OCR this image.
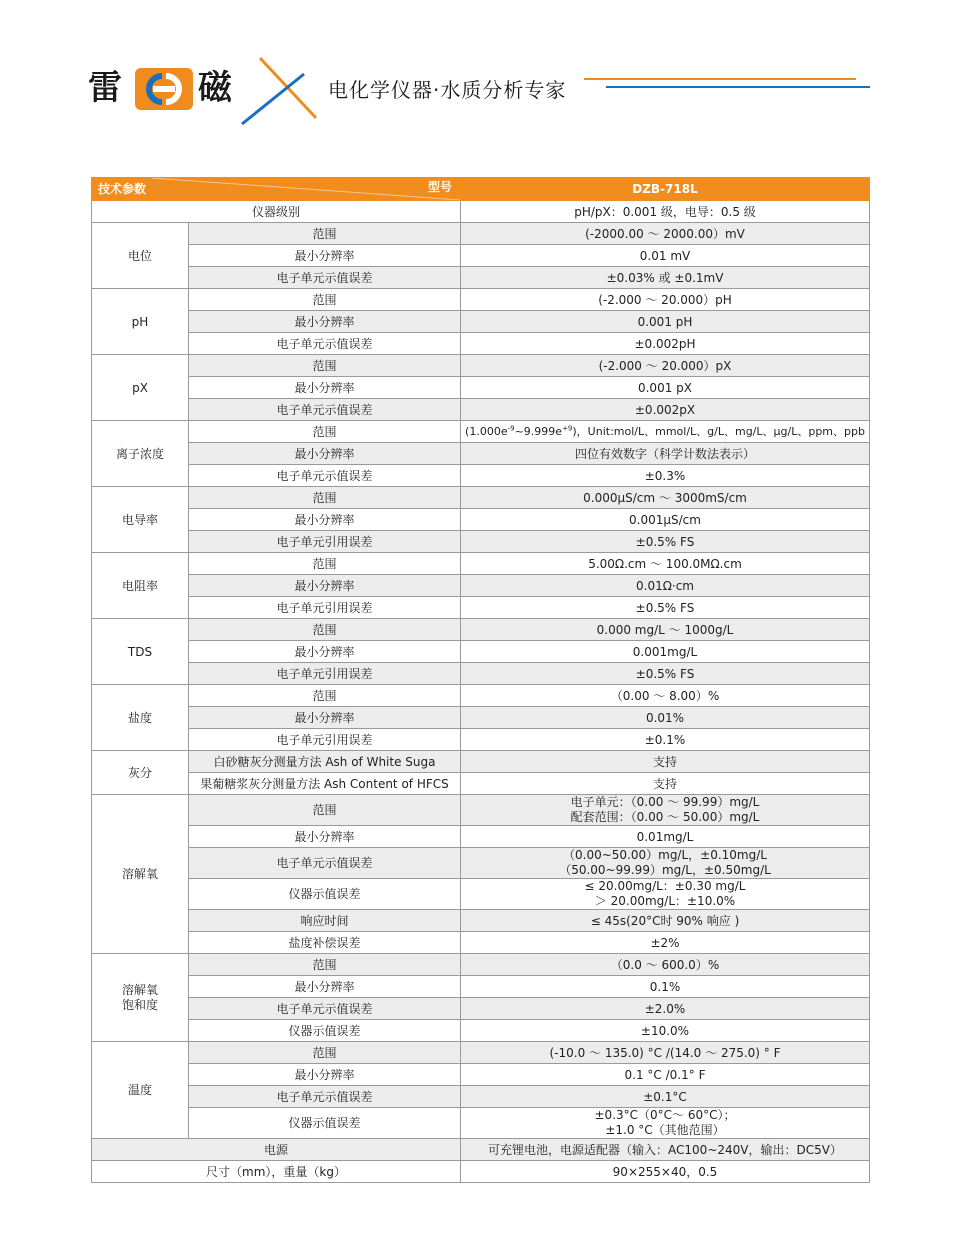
雷 磁	电化学仪器·水质分析专家
技术参数 型号		DZB-718L
仪器级别		pH/pX：0.001 级，电导：0.5 级
电位	范围	(-2000.00 ～ 2000.00）mV
	最小分辨率	0.01 mV
	电子单元示值误差	±0.03% 或 ±0.1mV
pH	范围	(-2.000 ～ 20.000）pH
	最小分辨率	0.001 pH
	电子单元示值误差	±0.002pH
pX	范围	(-2.000 ～ 20.000）pX
	最小分辨率	0.001 pX
	电子单元示值误差	±0.002pX
离子浓度	范围	$(1.000e^{-9}\sim 9.999e^{+9})$，Unit:mol/L、mmol/L、g/L、mg/L、μg/L、ppm、ppb
	最小分辨率	四位有效数字（科学计数法表示）
	电子单元示值误差	±0.3%
电导率	范围	0.000μS/cm ～ 3000mS/cm
	最小分辨率	0.001μS/cm
	电子单元引用误差	±0.5% FS
电阻率	范围	5.00Ω.cm ～ 100.0MΩ.cm
	最小分辨率	0.01Ω·cm
	电子单元引用误差	±0.5% FS
TDS	范围	0.000 mg/L ～ 1000g/L
	最小分辨率	0.001mg/L
	电子单元引用误差	±0.5% FS
盐度	范围	（0.00 ～ 8.00）%
	最小分辨率	0.01%
	电子单元引用误差	±0.1%
灰分	白砂糖灰分测量方法 Ash of White Suga	支持
	果葡糖浆灰分测量方法 Ash Content of HFCS	支持
溶解氧	范围	电子单元：（0.00 ～ 99.99）mg/L
配套范围：（0.00 ～ 50.00）mg/L

	最小分辨率	0.01mg/L
	电子单元示值误差	（0.00~50.00）mg/L，±0.10mg/L
（50.00~99.99）mg/L，±0.50mg/L

	仪器示值误差	≤ 20.00mg/L：±0.30 mg/L
＞ 20.00mg/L：±10.0%

	响应时间	≤ 45s(20°C时 90% 响应 )
	盐度补偿误差	±2%

溶解氧
饱和度	范围	（0.0 ～ 600.0）%
	最小分辨率	0.1%
	电子单元示值误差	±2.0%
	仪器示值误差	±10.0%
温度	范围	(-10.0 ～ 135.0) °C /(14.0 ～ 275.0) ° F
	最小分辨率	0.1 °C /0.1° F
	电子单元示值误差	±0.1°C
	仪器示值误差	±0.3°C（0°C～ 60°C）；
±1.0 °C（其他范围）

电源		可充锂电池，电源适配器（输入：AC100~240V，输出：DC5V）
尺寸（mm），重量（kg）		90×255×40，0.5
